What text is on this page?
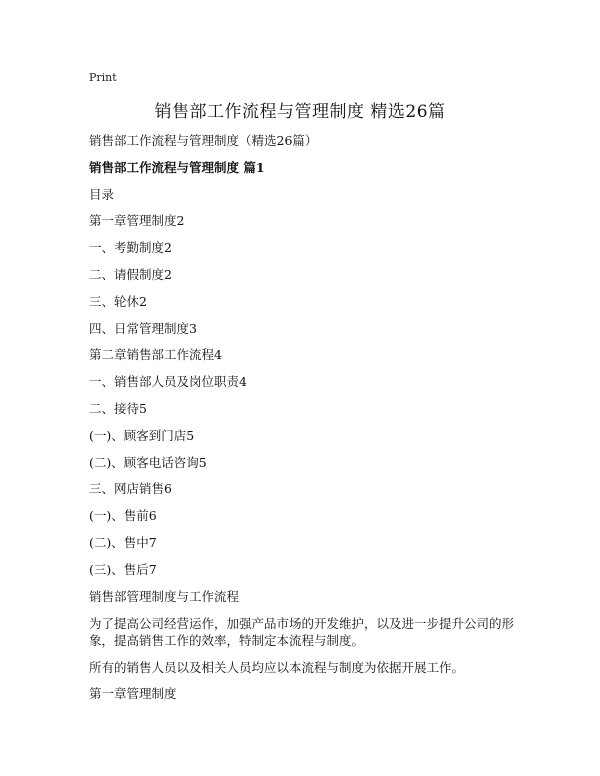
Print
销售部工作流程与管理制度 精选26篇
销售部工作流程与管理制度（精选26篇）
销售部工作流程与管理制度 篇1
目录
第一章管理制度2
一、考勤制度2
二、请假制度2
三、轮休2
四、日常管理制度3
第二章销售部工作流程4
一、销售部人员及岗位职责4
二、接待5
(一)、顾客到门店5
(二)、顾客电话咨询5
三、网店销售6
(一)、售前6
(二)、售中7
(三)、售后7
销售部管理制度与工作流程
为了提高公司经营运作，加强产品市场的开发维护，以及进一步提升公司的形象，提高销售工作的效率，特制定本流程与制度。
所有的销售人员以及相关人员均应以本流程与制度为依据开展工作。
第一章管理制度
